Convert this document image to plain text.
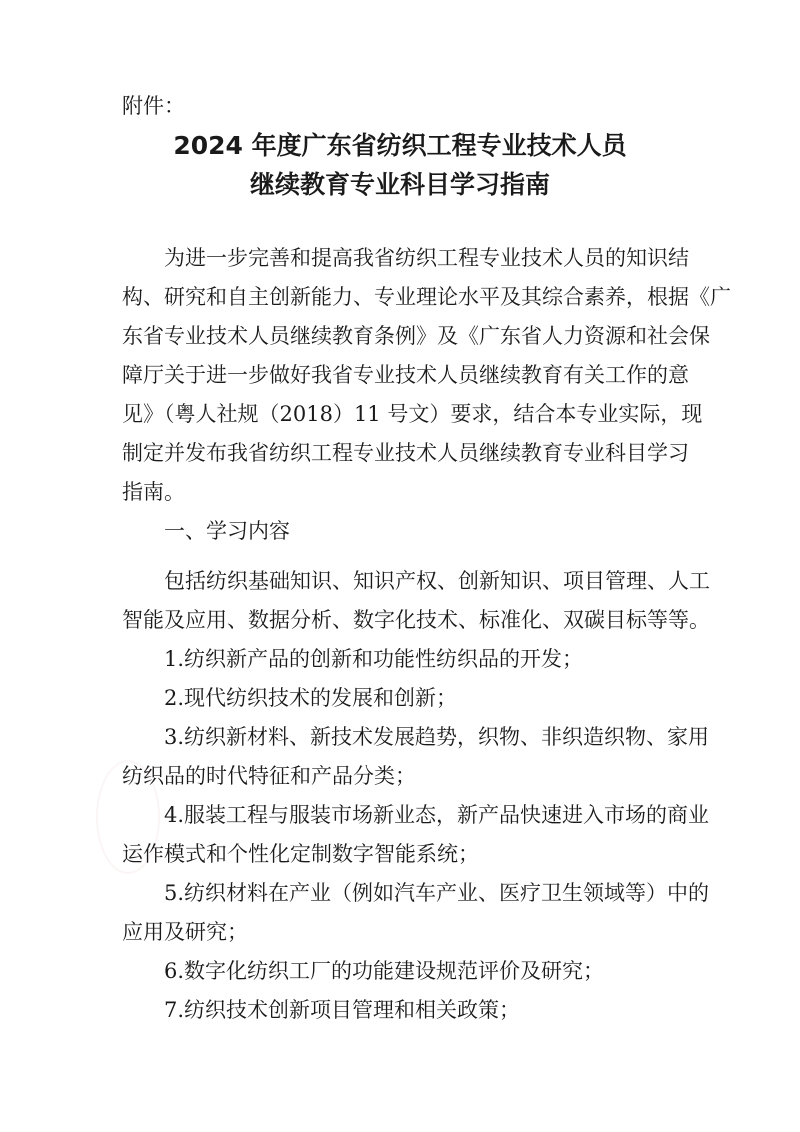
附件：
2024 年度广东省纺织工程专业技术人员
继续教育专业科目学习指南
为进一步完善和提高我省纺织工程专业技术人员的知识结
构、研究和自主创新能力、专业理论水平及其综合素养，根据《广
东省专业技术人员继续教育条例》及《广东省人力资源和社会保
障厅关于进一步做好我省专业技术人员继续教育有关工作的意
见》（粤人社规（2018）11 号文）要求，结合本专业实际，现
制定并发布我省纺织工程专业技术人员继续教育专业科目学习
指南。
一、学习内容
包括纺织基础知识、知识产权、创新知识、项目管理、人工
智能及应用、数据分析、数字化技术、标准化、双碳目标等等。
1.纺织新产品的创新和功能性纺织品的开发；
2.现代纺织技术的发展和创新；
3.纺织新材料、新技术发展趋势，织物、非织造织物、家用
纺织品的时代特征和产品分类；
4.服装工程与服装市场新业态，新产品快速进入市场的商业
运作模式和个性化定制数字智能系统；
5.纺织材料在产业（例如汽车产业、医疗卫生领域等）中的
应用及研究；
6.数字化纺织工厂的功能建设规范评价及研究；
7.纺织技术创新项目管理和相关政策；
